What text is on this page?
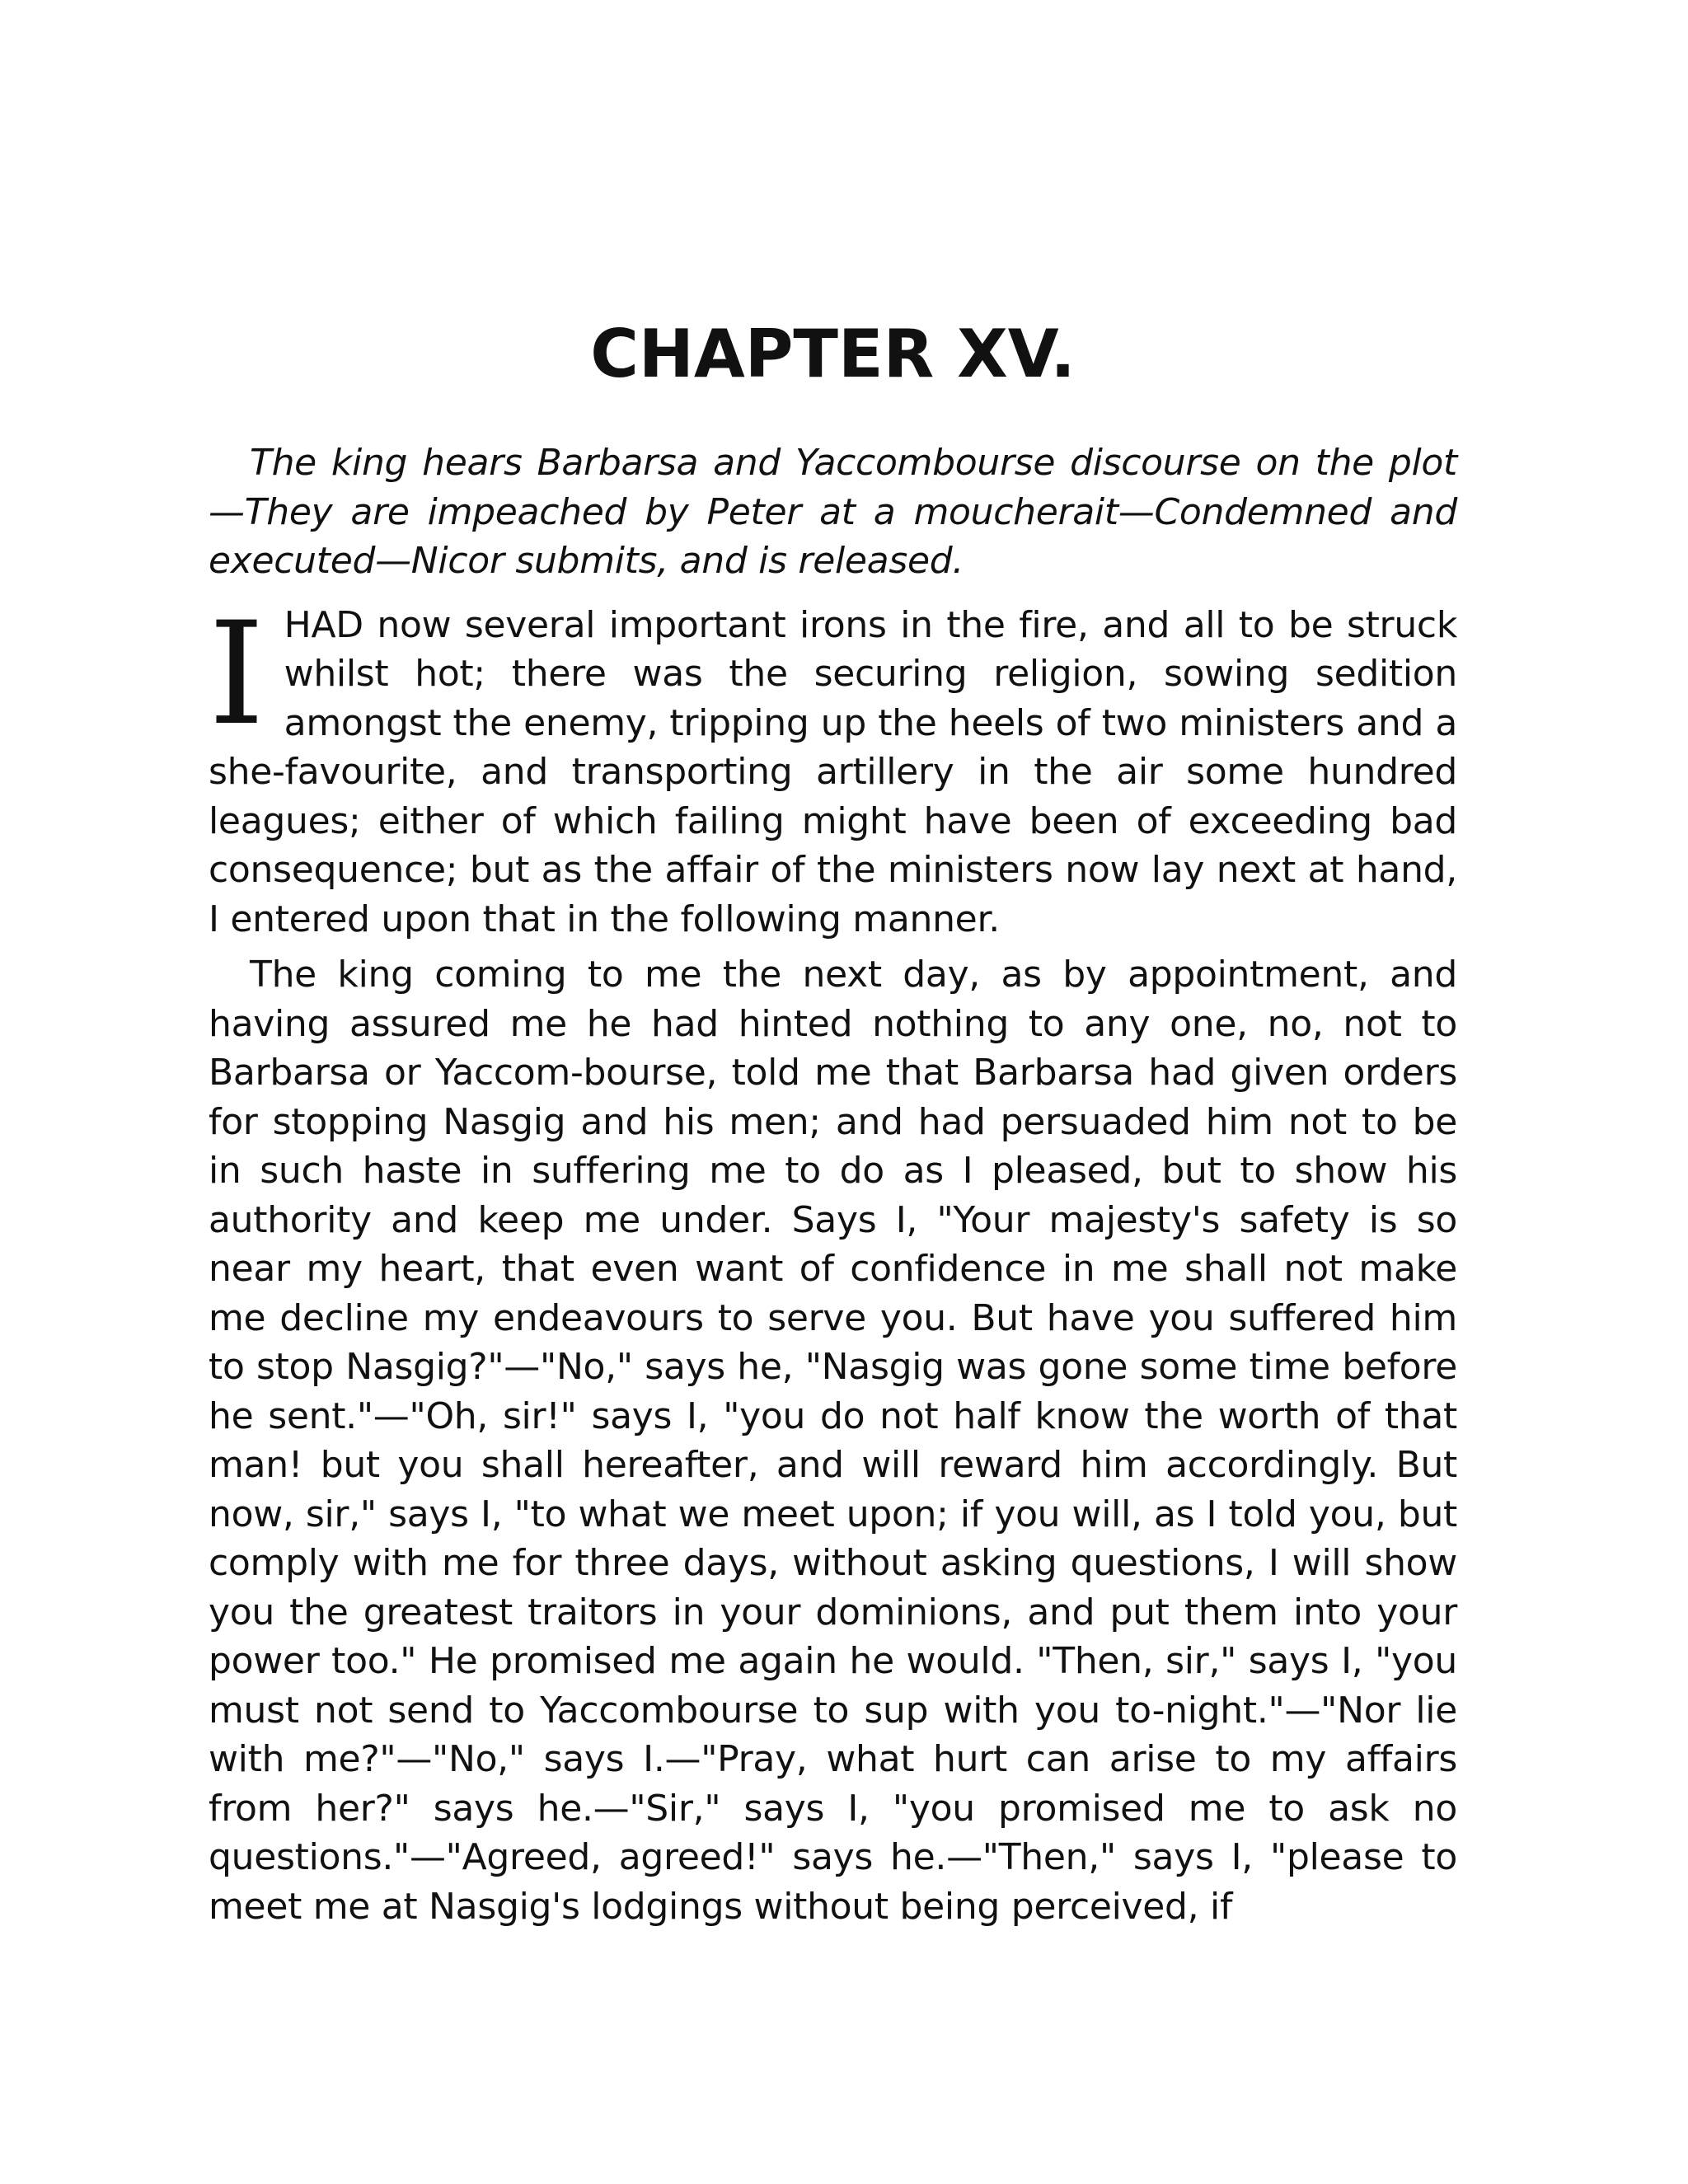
CHAPTER XV.

The king hears Barbarsa and Yaccombourse discourse on the plot—They are impeached by Peter at a moucherait—Condemned and executed—Nicor submits, and is released.

IHAD now several important irons in the fire, and all to be struck whilst hot; there was the securing religion, sowing sedition amongst the enemy, tripping up the heels of two ministers and a she-favourite, and transporting artillery in the air some hundred leagues; either of which failing might have been of exceeding bad consequence; but as the affair of the ministers now lay next at hand, I entered upon that in the following manner.

The king coming to me the next day, as by appointment, and having assured me he had hinted nothing to any one, no, not to Barbarsa or Yaccom-bourse, told me that Barbarsa had given orders for stopping Nasgig and his men; and had persuaded him not to be in such haste in suffering me to do as I pleased, but to show his authority and keep me under. Says I, "Your majesty's safety is so near my heart, that even want of confidence in me shall not make me decline my endeavours to serve you. But have you suffered him to stop Nasgig?"—"No," says he, "Nasgig was gone some time before he sent."—"Oh, sir!" says I, "you do not half know the worth of that man! but you shall hereafter, and will reward him accordingly. But now, sir," says I, "to what we meet upon; if you will, as I told you, but comply with me for three days, without asking questions, I will show you the greatest traitors in your dominions, and put them into your power too." He promised me again he would. "Then, sir," says I, "you must not send to Yaccombourse to sup with you to-night."—"Nor lie with me?"—"No," says I.—"Pray, what hurt can arise to my affairs from her?" says he.—"Sir," says I, "you promised me to ask no questions."—"Agreed, agreed!" says he.—"Then," says I, "please to meet me at Nasgig's lodgings without being perceived, if
